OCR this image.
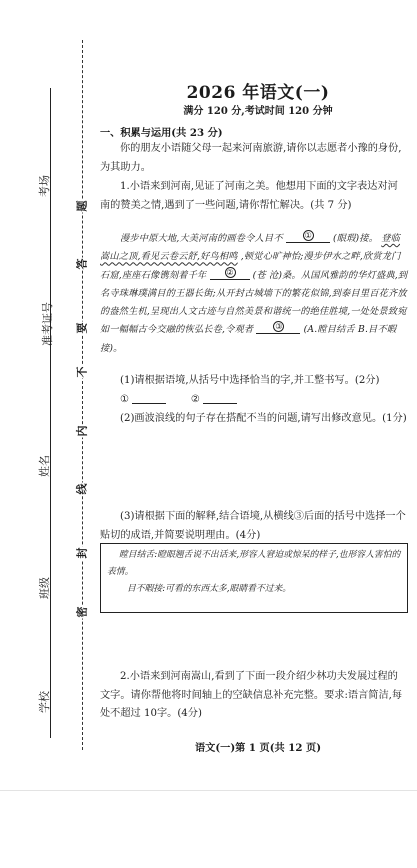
考场
准考证号
姓名
班级
学校
题
答
要
不
内
线
封
密
2026 年语文(一)
满分 120 分,考试时间 120 分钟
一、积累与运用(共 23 分)
你的朋友小语随父母一起来河南旅游,请你以志愿者小豫的身份,为其助力。
1.小语来到河南,见证了河南之美。他想用下面的文字表达对河南的赞美之情,遇到了一些问题,请你帮忙解决。(共 7 分)
漫步中原大地,大美河南的画卷令人目不	① (眼瑕)接。 登临嵩山之顶,看见云卷云舒,好鸟相鸣 ,顿觉心旷神怡;漫步伊水之畔,欣赏龙门石窟,座座石像镌刻着千年 ② (苍 沧)桑。从国风雅韵的华灯盛典,到名寺珠琳璞满目的王器长街;从开封古城墙下的繁花似锦,到泰目里百花齐放的盎然生机,呈现出人文古迹与自然美景和谐统一的绝佳胜境,一处处景致宛如一幅幅古今交融的恢弘长卷,令观者	③ (A.瞠目结舌 B.目不暇接)。
(1)请根据语境,从括号中选择恰当的字,并工整书写。(2分)
①	②
(2)画波浪线的句子存在搭配不当的问题,请写出修改意见。(1分)
(3)请根据下面的解释,结合语境,从横线③后面的括号中选择一个贴切的成语,并简要说明理由。(4分)

瞠目结舌:瞪眼翘舌说不出话来,形容人窘迫或惊呆的样子,也形容人害怕的表情。

目不暇接:可看的东西太多,眼睛看不过来。

2.小语来到河南嵩山,看到了下面一段介绍少林功夫发展过程的文字。请你帮他将时间轴上的空缺信息补充完整。要求:语言简洁,每处不超过 10字。(4分)
语文(一)第 1 页(共 12 页)
